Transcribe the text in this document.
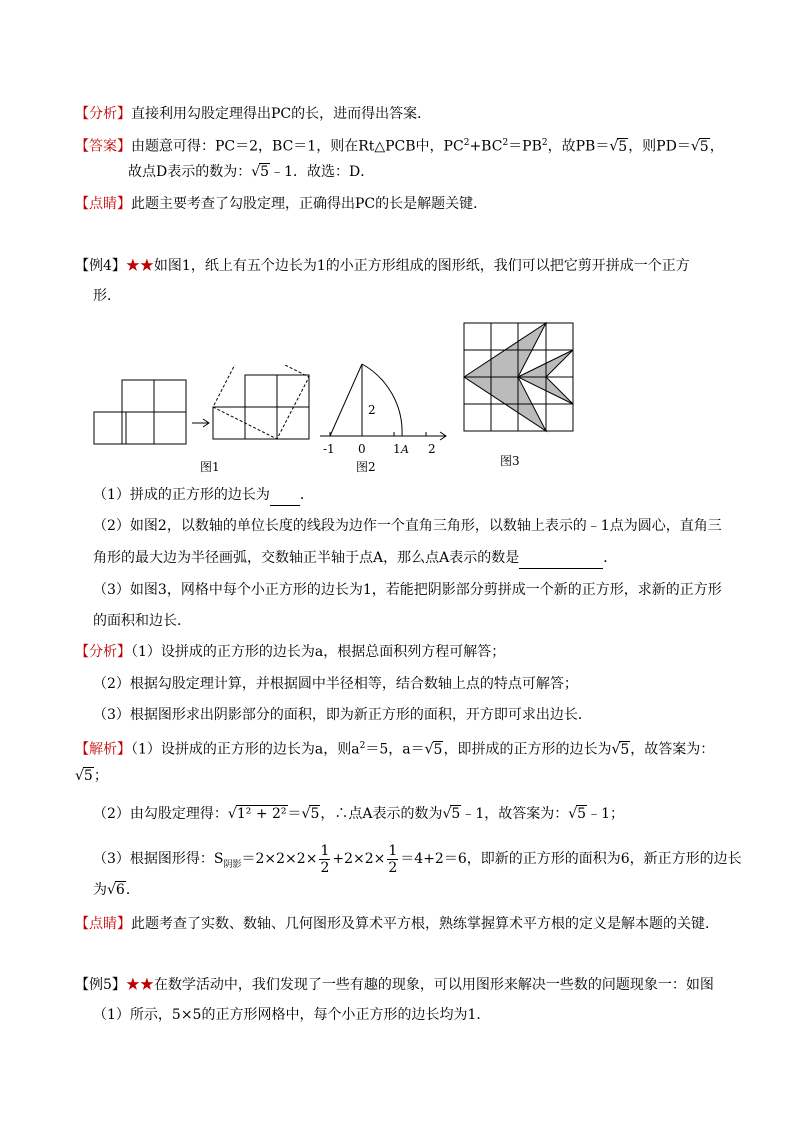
【分析】直接利用勾股定理得出PC的长，进而得出答案．
【答案】由题意可得：PC＝2，BC＝1，则在Rt△PCB中，$PC^2+BC^2=PB^2$，故PB＝√5，则PD＝√5，
故点D表示的数为：√5﹣1．故选：D．
【点睛】此题主要考查了勾股定理，正确得出PC的长是解题关键．
【例4】★★如图1，纸上有五个边长为1的小正方形组成的图形纸，我们可以把它剪开拼成一个正方
形．
图1
-1 0 1 A 2
2
图2	图3
（1）拼成的正方形的边长为 ．
（2）如图2，以数轴的单位长度的线段为边作一个直角三角形，以数轴上表示的﹣1点为圆心，直角三
角形的最大边为半径画弧，交数轴正半轴于点A，那么点A表示的数是	．
（3）如图3，网格中每个小正方形的边长为1，若能把阴影部分剪拼成一个新的正方形，求新的正方形
的面积和边长．
【分析】（1）设拼成的正方形的边长为a，根据总面积列方程可解答；
（2）根据勾股定理计算，并根据圆中半径相等，结合数轴上点的特点可解答；
（3）根据图形求出阴影部分的面积，即为新正方形的面积，开方即可求出边长．
【解析】（1）设拼成的正方形的边长为a，则$a^2=5$，a＝√5，即拼成的正方形的边长为√5，故答案为：
√5；
（2）由勾股定理得：√1² + 2²＝√5，∴点A表示的数为√5﹣1，故答案为：√5﹣1；
（3）根据图形得：$S_{阴影}=2\times 2\times 2\times \frac{1}{2} +2\times 2\times \frac{1}{2} =4+2=6$，即新的正方形的面积为6，新正方形的边长
为√6．
【点睛】此题考查了实数、数轴、几何图形及算术平方根，熟练掌握算术平方根的定义是解本题的关键．
【例5】★★在数学活动中，我们发现了一些有趣的现象，可以用图形来解决一些数的问题现象一：如图
（1）所示，5×5的正方形网格中，每个小正方形的边长均为1．
